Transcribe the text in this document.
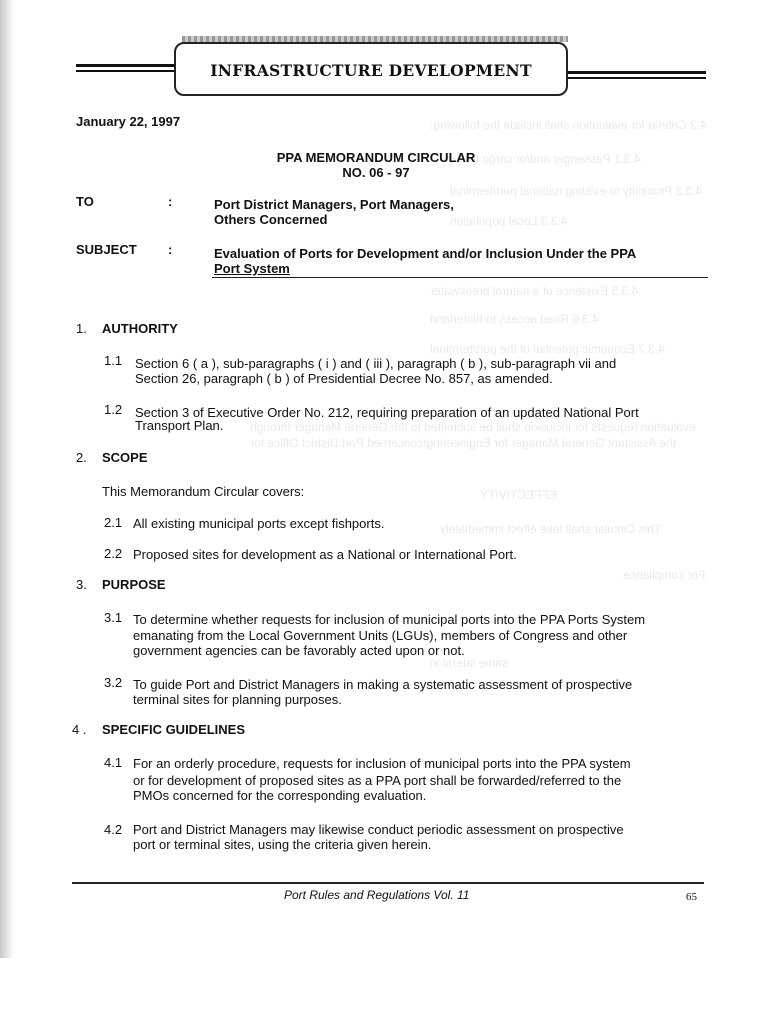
4.3 Criteria for evaluation shall include the following:
4.3.1 Passenger and/or cargo traffic
4.3.2 Proximity to existing national port/terminal
4.3.3 Local population
4.3.5 Existence of a natural breakwater
4.3.6 Road access to hinterland
4.3.7 Economic potential of the port/terminal
evaluation requests for inclusion shall be submitted to the General Manager through
the Assistant General Manager for Engineering/concerned Port District Office for
EFFECTIVITY
This Circular shall take effect immediately
For compliance.
same lateral in
INFRASTRUCTURE DEVELOPMENT
January 22, 1997
PPA MEMORANDUM CIRCULAR
NO. 06 - 97
TO	:	Port District Managers, Port Managers,
Others Concerned
SUBJECT :	Evaluation of Ports for Development and/or Inclusion Under the PPA
Port System
1. AUTHORITY
1.1 Section 6 ( a ), sub-paragraphs ( i ) and ( iii ), paragraph ( b ), sub-paragraph vii and
Section 26, paragraph ( b ) of Presidential Decree No. 857, as amended.
1.2 Section 3 of Executive Order No. 212, requiring preparation of an updated National Port
Transport Plan.
2. SCOPE
This Memorandum Circular covers:
2.1 All existing municipal ports except fishports.
2.2 Proposed sites for development as a National or International Port.
3. PURPOSE
3.1 To determine whether requests for inclusion of municipal ports into the PPA Ports System
emanating from the Local Government Units (LGUs), members of Congress and other
government agencies can be favorably acted upon or not.
3.2 To guide Port and District Managers in making a systematic assessment of prospective
terminal sites for planning purposes.
4 . SPECIFIC GUIDELINES
4.1 For an orderly procedure, requests for inclusion of municipal ports into the PPA system
or for development of proposed sites as a PPA port shall be forwarded/referred to the
PMOs concerned for the corresponding evaluation.
4.2 Port and District Managers may likewise conduct periodic assessment on prospective
port or terminal sites, using the criteria given herein.
Port Rules and Regulations Vol. 11	65
